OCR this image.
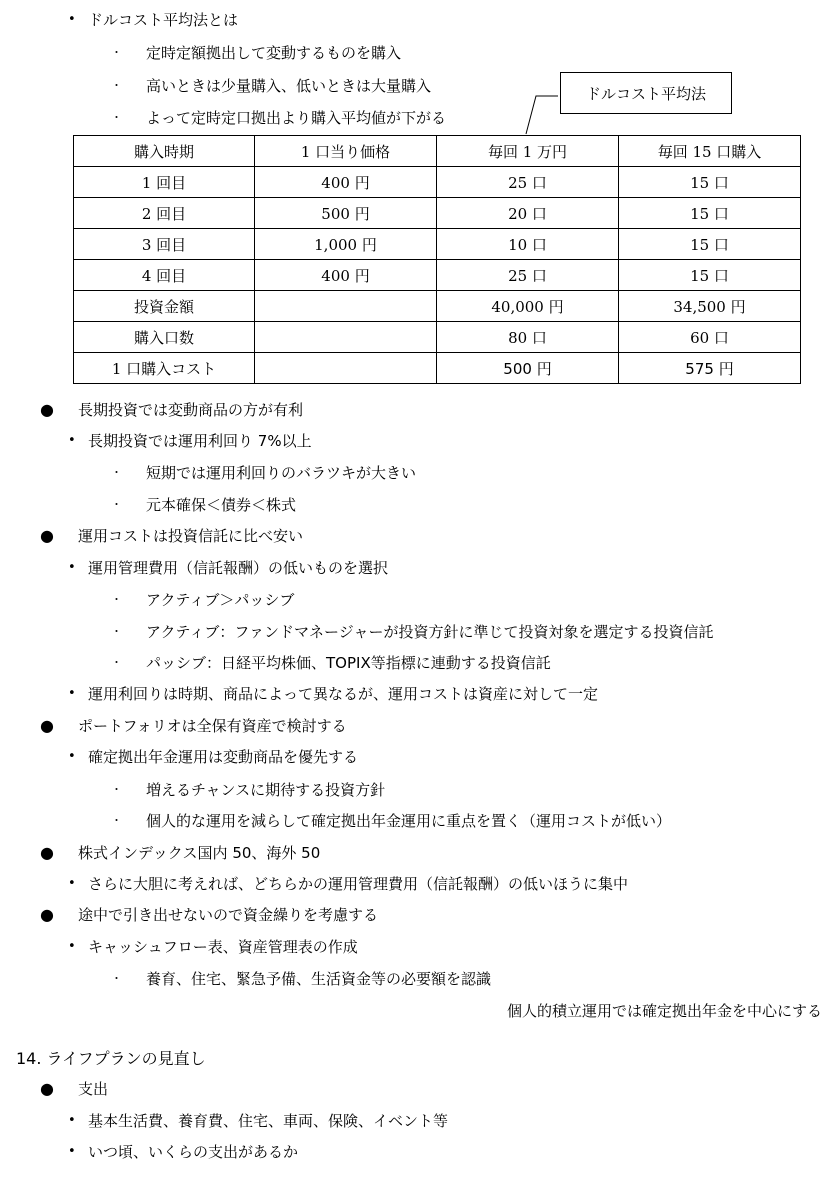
• ドルコスト平均法とは
・ 定時定額拠出して変動するものを購入
・ 高いときは少量購入、低いときは大量購入
・ よって定時定口拠出より購入平均値が下がる
ドルコスト平均法
購入時期	1 口当り価格	毎回 1 万円	毎回 15 口購入
1 回目	400 円	25 口	15 口
2 回目	500 円	20 口	15 口
3 回目	1,000 円	10 口	15 口
4 回目	400 円	25 口	15 口
投資金額		40,000 円	34,500 円
購入口数		80 口	60 口
1 口購入コスト		500 円	575 円
● 長期投資では変動商品の方が有利
• 長期投資では運用利回り 7%以上
・ 短期では運用利回りのバラツキが大きい
・ 元本確保＜債券＜株式
● 運用コストは投資信託に比べ安い
• 運用管理費用（信託報酬）の低いものを選択
・ アクティブ＞パッシブ
・ アクティブ：ファンドマネージャーが投資方針に準じて投資対象を選定する投資信託
・ パッシブ：日経平均株価、TOPIX等指標に連動する投資信託
• 運用利回りは時期、商品によって異なるが、運用コストは資産に対して一定
● ポートフォリオは全保有資産で検討する
• 確定拠出年金運用は変動商品を優先する
・ 増えるチャンスに期待する投資方針
・ 個人的な運用を減らして確定拠出年金運用に重点を置く（運用コストが低い）
● 株式インデックス国内 50、海外 50
• さらに大胆に考えれば、どちらかの運用管理費用（信託報酬）の低いほうに集中
● 途中で引き出せないので資金繰りを考慮する
• キャッシュフロー表、資産管理表の作成
・ 養育、住宅、緊急予備、生活資金等の必要額を認識
個人的積立運用では確定拠出年金を中心にする
14. ライフプランの見直し
● 支出
• 基本生活費、養育費、住宅、車両、保険、イベント等
• いつ頃、いくらの支出があるか
